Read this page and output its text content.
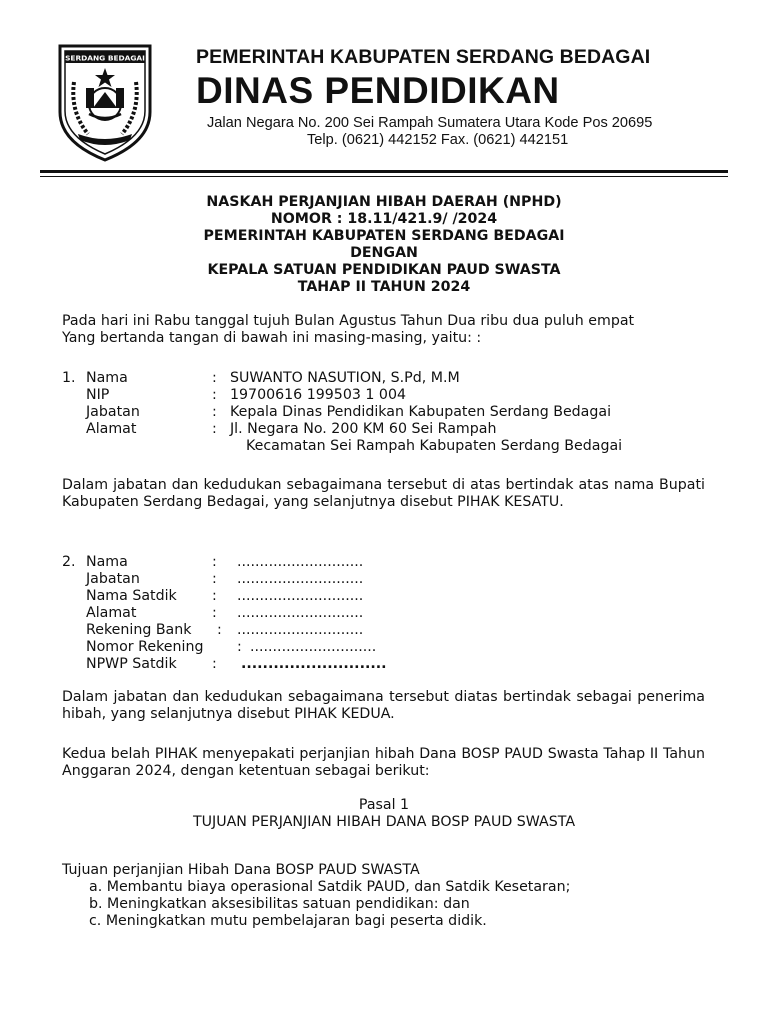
SERDANG BEDAGAI	PEMERINTAH KABUPATEN SERDANG BEDAGAI
DINAS PENDIDIKAN
Jalan Negara No. 200 Sei Rampah Sumatera Utara Kode Pos 20695
Telp. (0621) 442152 Fax. (0621) 442151
NASKAH PERJANJIAN HIBAH DAERAH (NPHD)
NOMOR : 18.11/421.9/ /2024
PEMERINTAH KABUPATEN SERDANG BEDAGAI
DENGAN
KEPALA SATUAN PENDIDIKAN PAUD SWASTA
TAHAP II TAHUN 2024
Pada hari ini Rabu tanggal tujuh Bulan Agustus Tahun Dua ribu dua puluh empat
Yang bertanda tangan di bawah ini masing-masing, yaitu: :
1. Nama	: SUWANTO NASUTION, S.Pd, M.M
NIP	: 19700616 199503 1 004
Jabatan	: Kepala Dinas Pendidikan Kabupaten Serdang Bedagai
Alamat	: Jl. Negara No. 200 KM 60 Sei Rampah
Kecamatan Sei Rampah Kabupaten Serdang Bedagai
Dalam jabatan dan kedudukan sebagaimana tersebut di atas bertindak atas nama Bupati Kabupaten Serdang Bedagai, yang selanjutnya disebut PIHAK KESATU.
2. Nama	: ............................
Jabatan	: ............................
Nama Satdik : ............................
Alamat	: ............................
Rekening Bank : ............................
Nomor Rekening : ............................
NPWP Satdik : ...........................
Dalam jabatan dan kedudukan sebagaimana tersebut diatas bertindak sebagai penerima hibah, yang selanjutnya disebut PIHAK KEDUA.
Kedua belah PIHAK menyepakati perjanjian hibah Dana BOSP PAUD Swasta Tahap II Tahun Anggaran 2024, dengan ketentuan sebagai berikut:
Pasal 1
TUJUAN PERJANJIAN HIBAH DANA BOSP PAUD SWASTA
Tujuan perjanjian Hibah Dana BOSP PAUD SWASTA
a. Membantu biaya operasional Satdik PAUD, dan Satdik Kesetaran;
b. Meningkatkan aksesibilitas satuan pendidikan: dan
c. Meningkatkan mutu pembelajaran bagi peserta didik.
